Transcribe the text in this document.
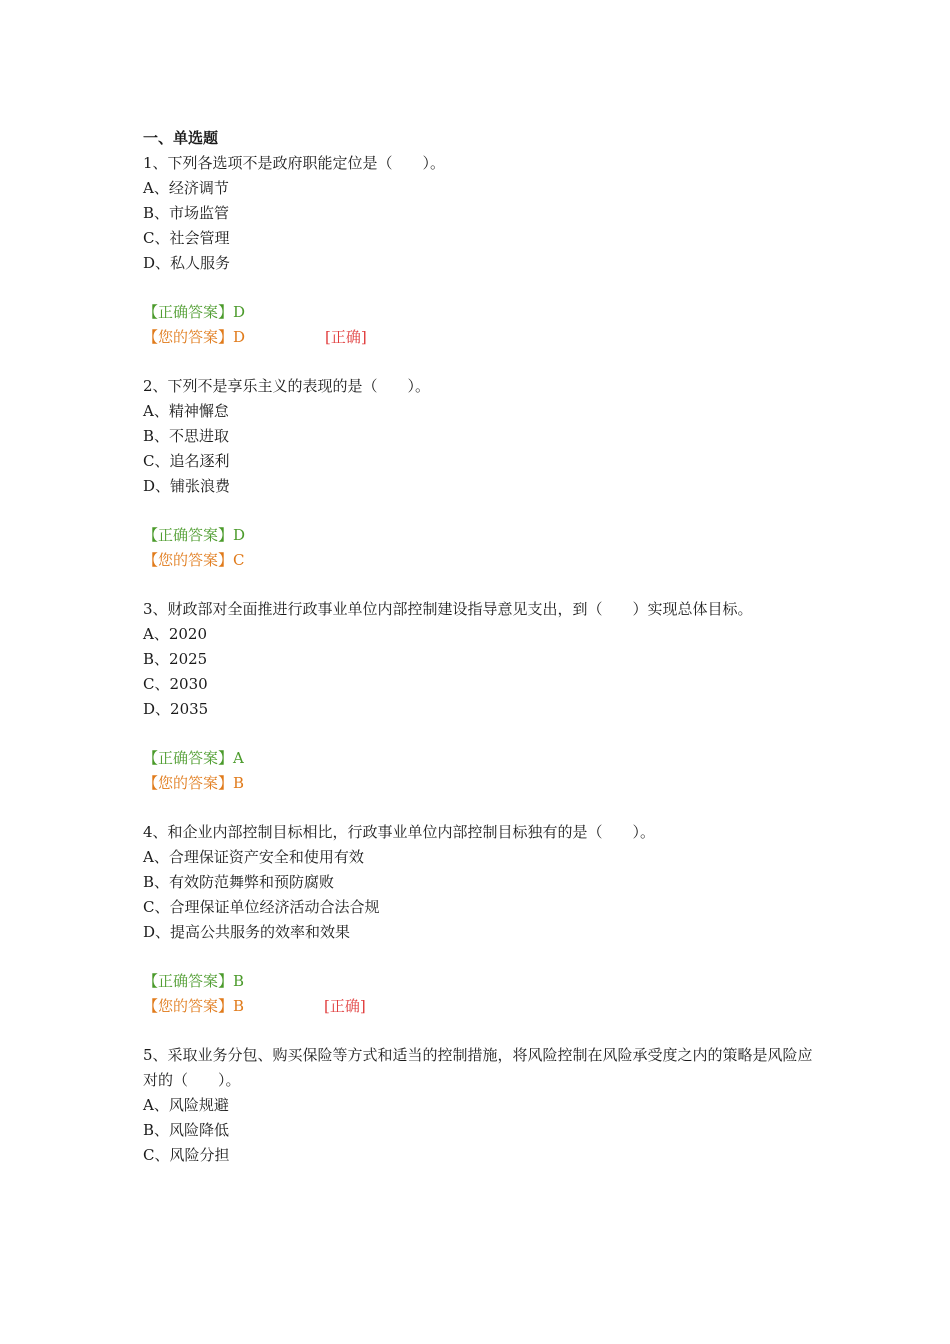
一、单选题
1、下列各选项不是政府职能定位是（　　）。
A、经济调节
B、市场监管
C、社会管理
D、私人服务
【正确答案】D
【您的答案】D	[正确]
2、下列不是享乐主义的表现的是（　　）。
A、精神懈怠
B、不思进取
C、追名逐利
D、铺张浪费
【正确答案】D
【您的答案】C
3、财政部对全面推进行政事业单位内部控制建设指导意见支出，到（　　）实现总体目标。
A、2020
B、2025
C、2030
D、2035
【正确答案】A
【您的答案】B
4、和企业内部控制目标相比，行政事业单位内部控制目标独有的是（　　）。
A、合理保证资产安全和使用有效
B、有效防范舞弊和预防腐败
C、合理保证单位经济活动合法合规
D、提高公共服务的效率和效果
【正确答案】B
【您的答案】B	[正确]
5、采取业务分包、购买保险等方式和适当的控制措施，将风险控制在风险承受度之内的策略是风险应对的（　　）。
A、风险规避
B、风险降低
C、风险分担
